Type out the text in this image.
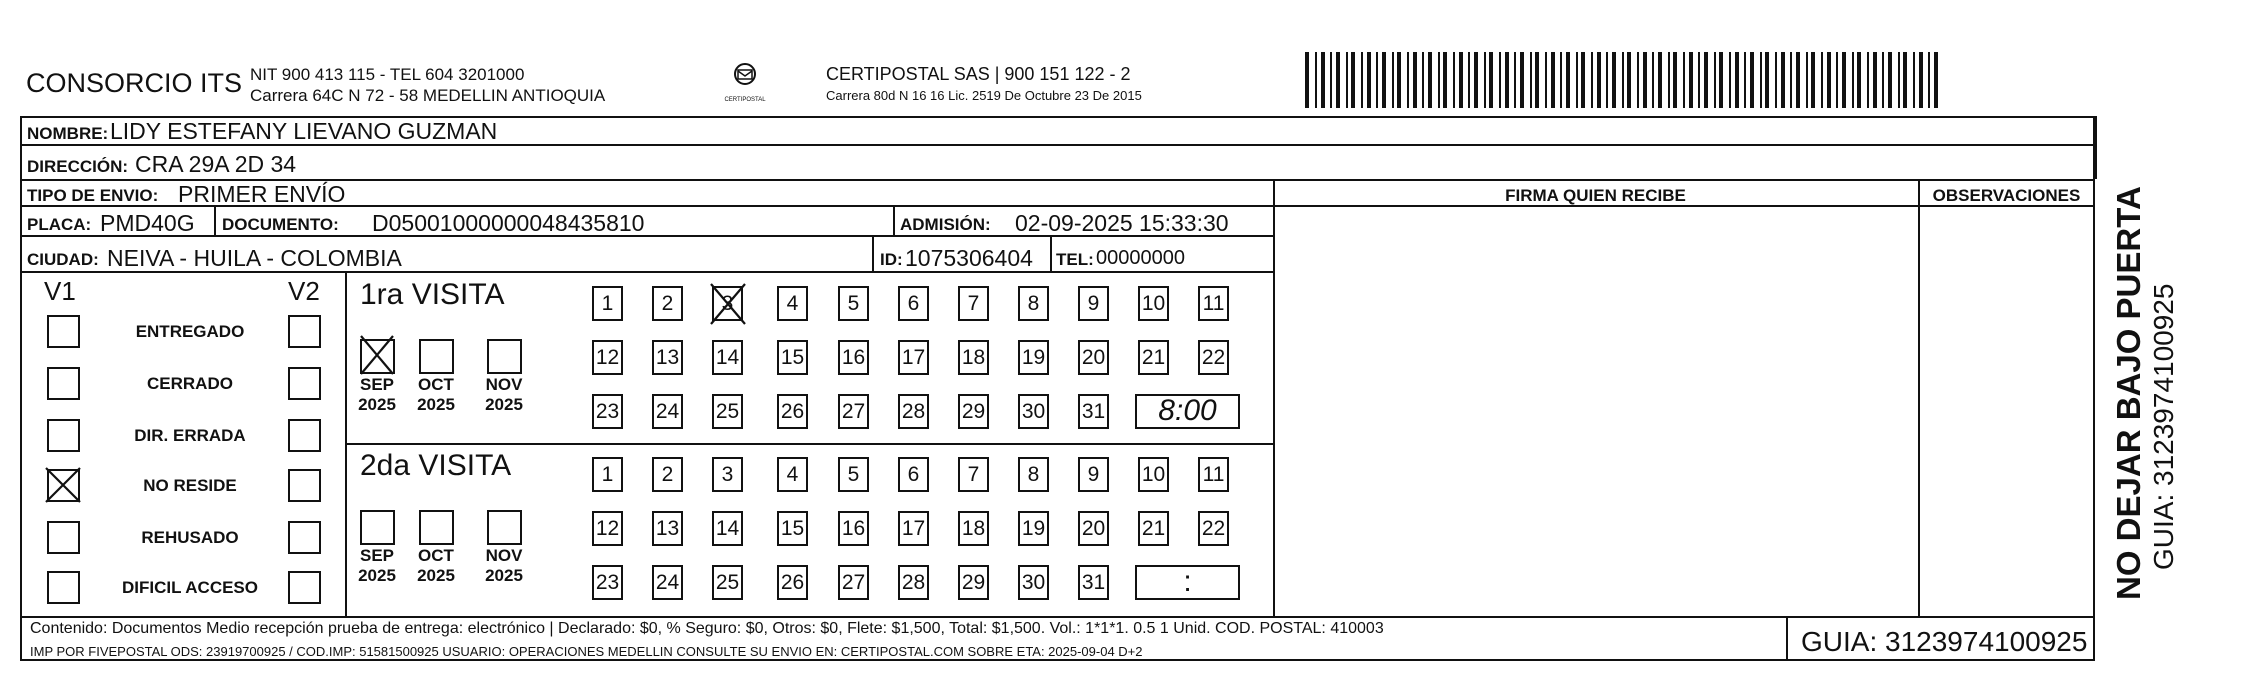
CONSORCIO ITS NIT 900 413 115 - TEL 604 3201000
Carrera 64C N 72 - 58 MEDELLIN ANTIOQUIA	CERTIPOSTAL
CERTIPOSTAL SAS | 900 151 122 - 2
Carrera 80d N 16 16 Lic. 2519 De Octubre 23 De 2015
NOMBRE: LIDY ESTEFANY LIEVANO GUZMAN
DIRECCIÓN: CRA 29A 2D 34
TIPO DE ENVIO: PRIMER ENVÍO
PLACA: PMD40G DOCUMENTO: D05001000000048435810	ADMISIÓN: 02-09-2025 15:33:30
CIUDAD: NEIVA - HUILA - COLOMBIA	ID: 1075306404 TEL: 00000000
FIRMA QUIEN RECIBE	OBSERVACIONES
V1	V2
ENTREGADO
CERRADO
DIR. ERRADA
NO RESIDE
REHUSADO
DIFICIL ACCESO
1ra VISITA
SEP
2025
OCT
2025
NOV
2025
1	2	3	4	5	6	7	8	9	10 11
12 13 14 15 16 17 18 19 20 21 22
23 24 25 26 27 28 29 30 31	8:00
2da VISITA
SEP
2025
OCT
2025
NOV
2025
1	2	3	4	5	6	7	8	9	10 11
12 13 14 15 16 17 18 19 20 21 22
23 24 25 26 27 28 29 30 31	:
Contenido: Documentos Medio recepción prueba de entrega: electrónico | Declarado: $0, % Seguro: $0, Otros: $0, Flete: $1,500, Total: $1,500. Vol.: 1*1*1. 0.5 1 Unid. COD. POSTAL: 410003
IMP POR FIVEPOSTAL ODS: 23919700925 / COD.IMP: 51581500925 USUARIO: OPERACIONES MEDELLIN CONSULTE SU ENVIO EN: CERTIPOSTAL.COM SOBRE ETA: 2025-09-04 D+2	GUIA: 3123974100925
NO DEJAR BAJO PUERTA GUIA: 3123974100925
